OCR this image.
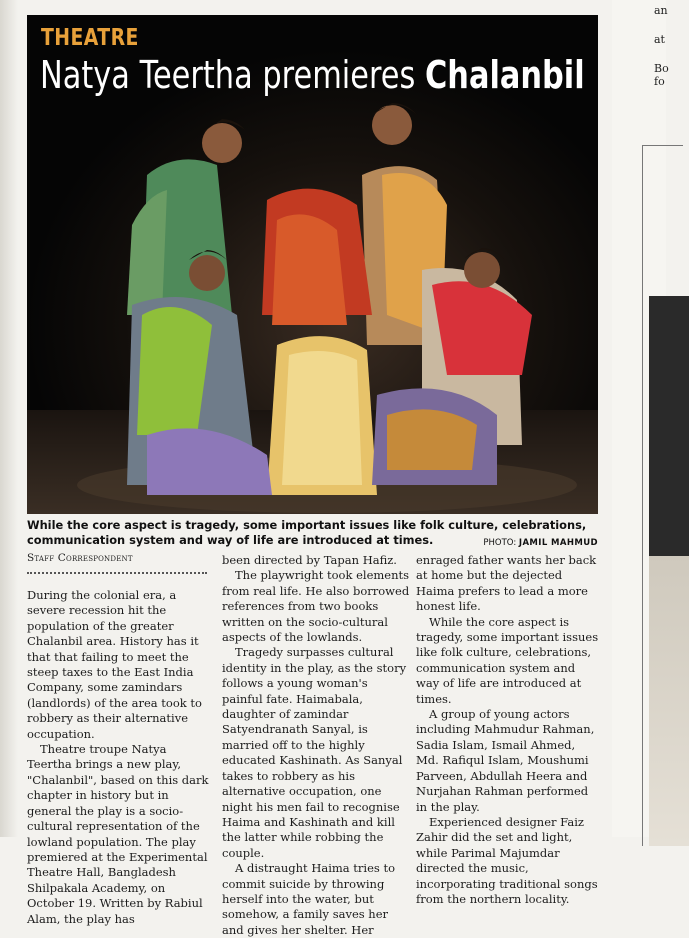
an
at
Bo
fo
THEATRE
Natya Teertha premieres Chalanbil
While the core aspect is tragedy, some important issues like folk culture, celebrations, communication system and way of life are introduced at times.	PHOTO: JAMIL MAHMUD
Staff Correspondent

During the colonial era, a severe recession hit the population of the greater Chalanbil area. History has it that that failing to meet the steep taxes to the East India Company, some zamindars (landlords) of the area took to robbery as their alternative occupation.

Theatre troupe Natya Teertha brings a new play, "Chalanbil", based on this dark chapter in history but in general the play is a socio-cultural representation of the lowland population. The play premiered at the Experimental Theatre Hall, Bangladesh Shilpakala Academy, on October 19. Written by Rabiul Alam, the play has

been directed by Tapan Hafiz.

The playwright took elements from real life. He also borrowed references from two books written on the socio-cultural aspects of the lowlands.

Tragedy surpasses cultural identity in the play, as the story follows a young woman's painful fate. Haimabala, daughter of zamindar Satyendranath Sanyal, is married off to the highly educated Kashinath. As Sanyal takes to robbery as his alternative occupation, one night his men fail to recognise Haima and Kashinath and kill the latter while robbing the couple.

A distraught Haima tries to commit suicide by throwing herself into the water, but somehow, a family saves her and gives her shelter. Her

enraged father wants her back at home but the dejected Haima prefers to lead a more honest life.

While the core aspect is tragedy, some important issues like folk culture, celebrations, communication system and way of life are introduced at times.

A group of young actors including Mahmudur Rahman, Sadia Islam, Ismail Ahmed, Md. Rafiqul Islam, Moushumi Parveen, Abdullah Heera and Nurjahan Rahman performed in the play.

Experienced designer Faiz Zahir did the set and light, while Parimal Majumdar directed the music, incorporating traditional songs from the northern locality.
